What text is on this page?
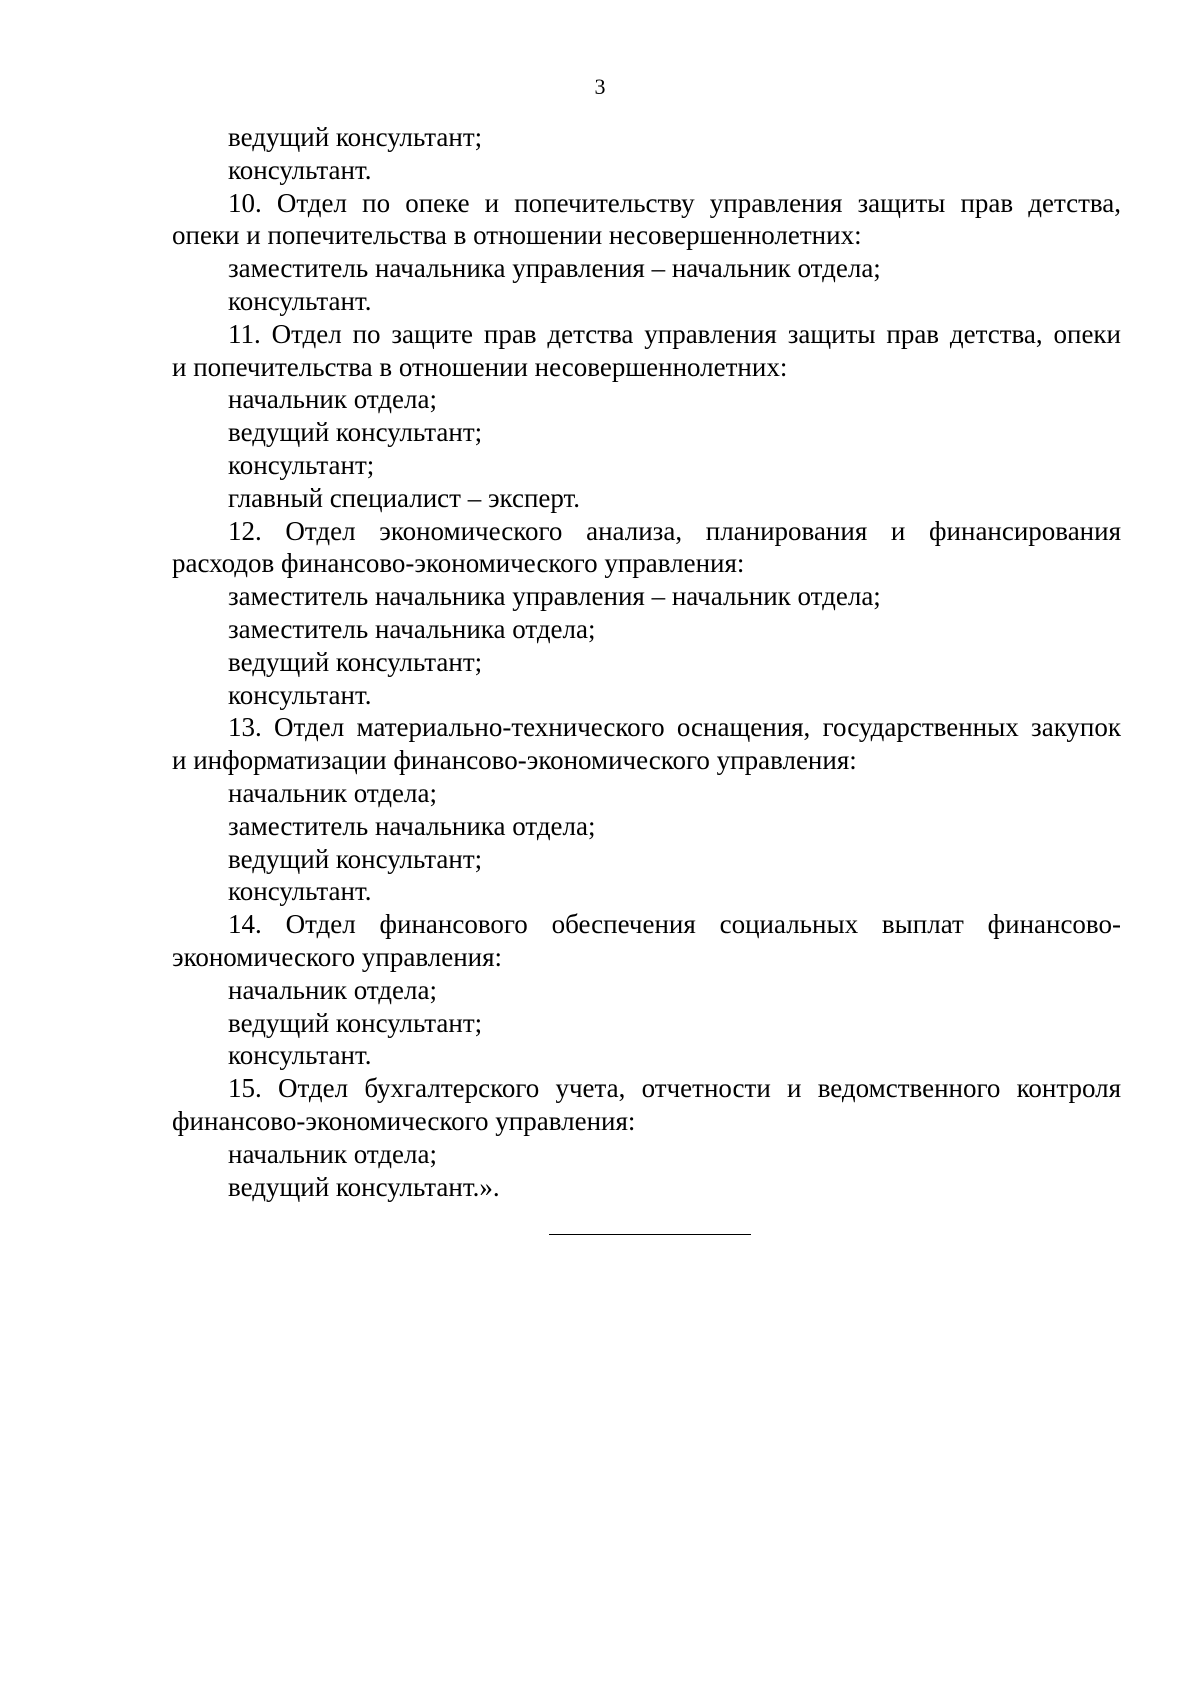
3
ведущий консультант;
консультант.
10. Отдел по опеке и попечительству управления защиты прав детства,
опеки и попечительства в отношении несовершеннолетних:
заместитель начальника управления – начальник отдела;
консультант.
11. Отдел по защите прав детства управления защиты прав детства, опеки
и попечительства в отношении несовершеннолетних:
начальник отдела;
ведущий консультант;
консультант;
главный специалист – эксперт.
12. Отдел экономического анализа, планирования и финансирования
расходов финансово-экономического управления:
заместитель начальника управления – начальник отдела;
заместитель начальника отдела;
ведущий консультант;
консультант.
13. Отдел материально-технического оснащения, государственных закупок
и информатизации финансово-экономического управления:
начальник отдела;
заместитель начальника отдела;
ведущий консультант;
консультант.
14. Отдел финансового обеспечения социальных выплат финансово-
экономического управления:
начальник отдела;
ведущий консультант;
консультант.
15. Отдел бухгалтерского учета, отчетности и ведомственного контроля
финансово-экономического управления:
начальник отдела;
ведущий консультант.».
